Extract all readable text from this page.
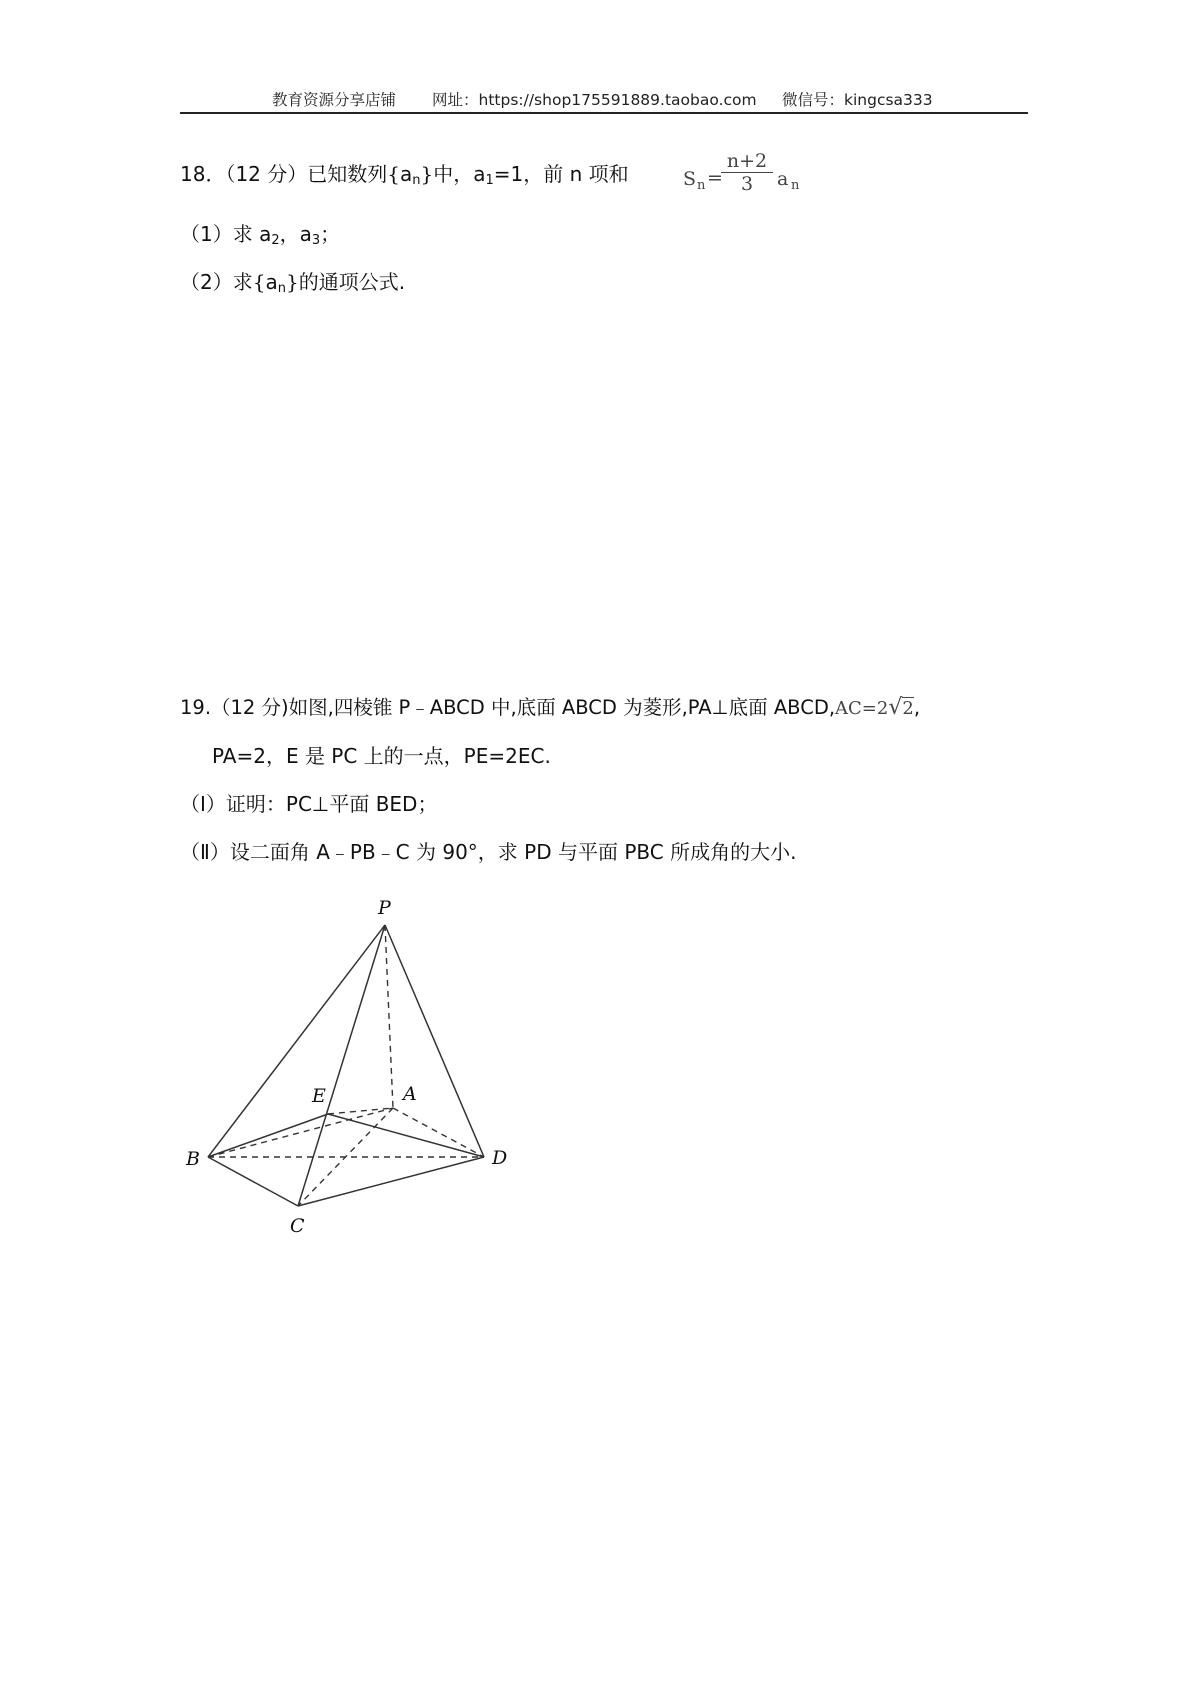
教育资源分享店铺 网址：https://shop175591889.taobao.com 微信号：kingcsa333
18．（12 分）已知数列$\{a_n\}$中，$a_1=1$，前 n 项和	S n =
$\frac{n+2}{3}$ a n
（1）求 $a_2$，$a_3$；
（2）求$\{a_n\}$的通项公式.
19.（12 分)如图,四棱锥 P﹣ABCD 中,底面 ABCD 为菱形,PA⊥底面 ABCD,AC=2√2,
PA=2，E 是 PC 上的一点，PE=2EC.
（Ⅰ）证明：PC⊥平面 BED；
（Ⅱ）设二面角 A﹣PB﹣C 为 90°，求 PD 与平面 PBC 所成角的大小.
P
E	A
B
C
D
